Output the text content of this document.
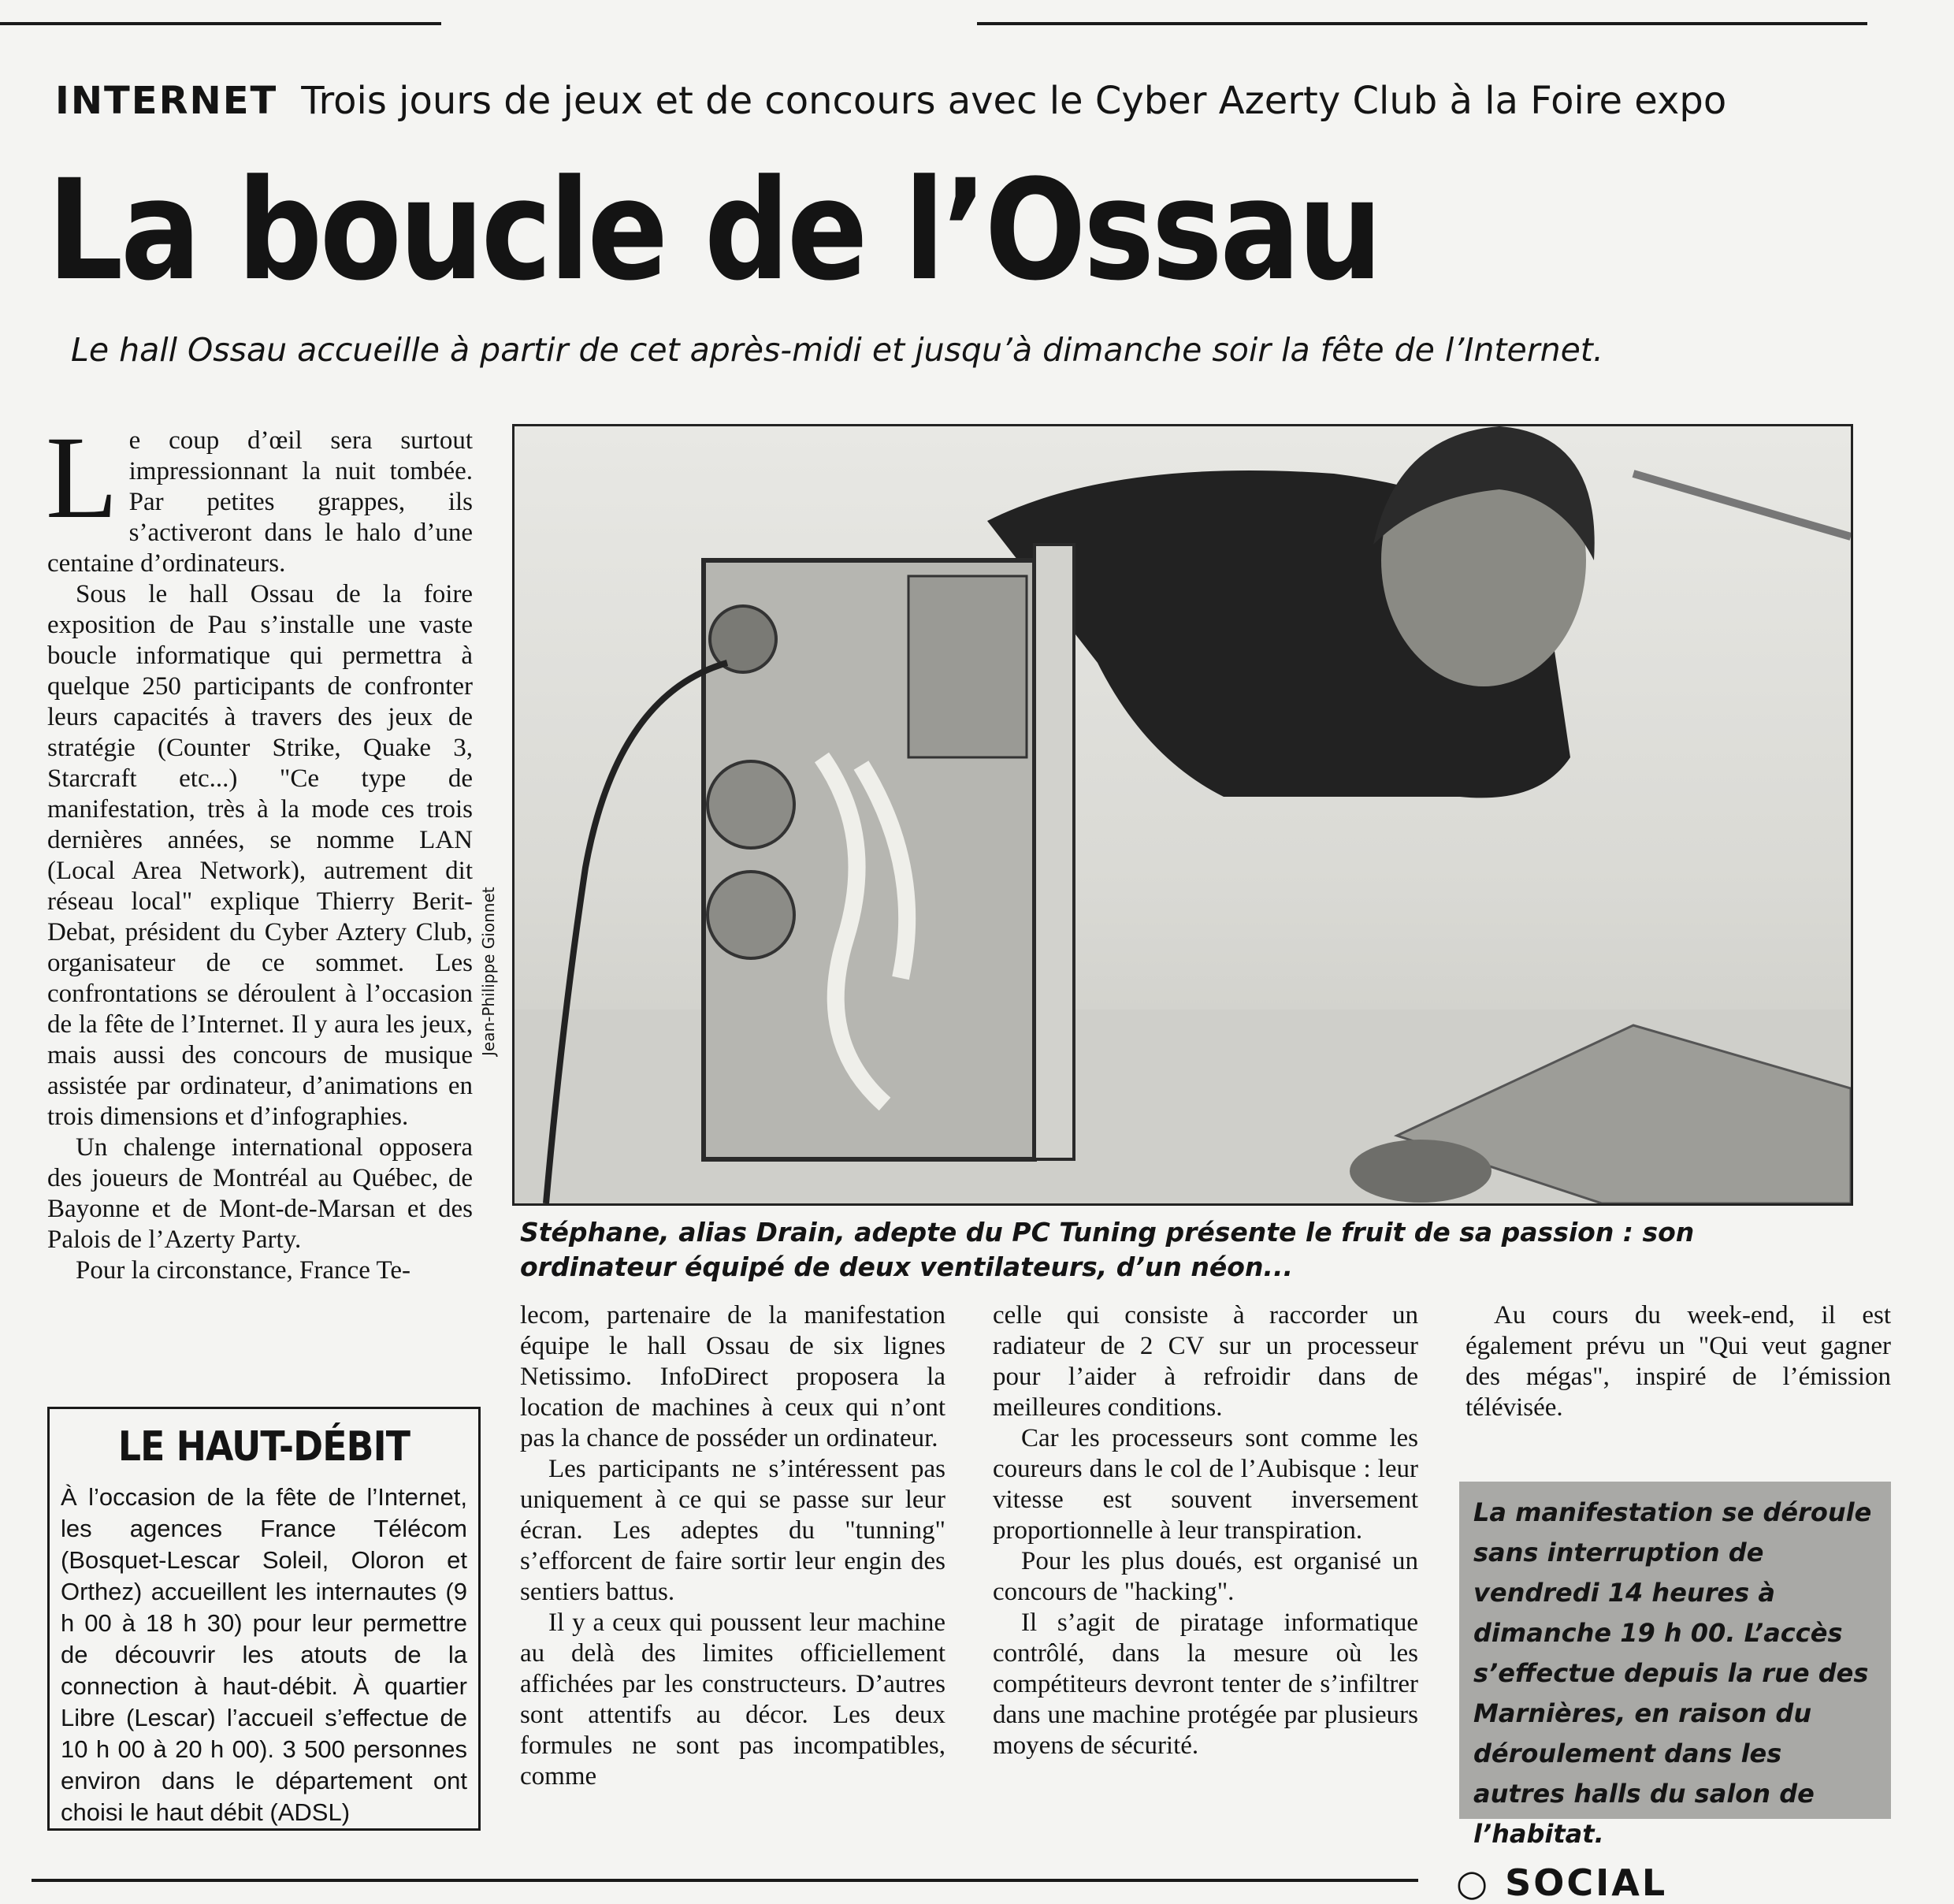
INTERNET Trois jours de jeux et de concours avec le Cyber Azerty Club à la Foire expo
La boucle de l’Ossau
Le hall Ossau accueille à partir de cet après-midi et jusqu’à dimanche soir la fête de l’Internet.

Le coup d’œil sera surtout impressionnant la nuit tombée. Par petites grappes, ils s’activeront dans le halo d’une centaine d’ordinateurs.

Sous le hall Ossau de la foire exposition de Pau s’installe une vaste boucle informatique qui permettra à quelque 250 participants de confronter leurs capacités à travers des jeux de stratégie (Counter Strike, Quake 3, Starcraft etc...) "Ce type de manifestation, très à la mode ces trois dernières années, se nomme LAN (Local Area Network), autrement dit réseau local" explique Thierry Berit-Debat, président du Cyber Aztery Club, organisateur de ce sommet. Les confrontations se déroulent à l’occasion de la fête de l’Internet. Il y aura les jeux, mais aussi des concours de musique assistée par ordinateur, d’animations en trois dimensions et d’infographies.

Un chalenge international opposera des joueurs de Montréal au Québec, de Bayonne et de Mont-de-Marsan et des Palois de l’Azerty Party.

Pour la circonstance, France Te-

Jean-Philippe Gionnet
Stéphane, alias Drain, adepte du PC Tuning présente le fruit de sa passion : son ordinateur équipé de deux ventilateurs, d’un néon...

lecom, partenaire de la manifestation équipe le hall Ossau de six lignes Netissimo. InfoDirect proposera la location de machines à ceux qui n’ont pas la chance de posséder un ordinateur.

Les participants ne s’intéressent pas uniquement à ce qui se passe sur leur écran. Les adeptes du "tunning" s’efforcent de faire sortir leur engin des sentiers battus.

Il y a ceux qui poussent leur machine au delà des limites officiellement affichées par les constructeurs. D’autres sont attentifs au décor. Les deux formules ne sont pas incompatibles, comme

celle qui consiste à raccorder un radiateur de 2 CV sur un processeur pour l’aider à refroidir dans de meilleures conditions.

Car les processeurs sont comme les coureurs dans le col de l’Aubisque : leur vitesse est souvent inversement proportionnelle à leur transpiration.

Pour les plus doués, est organisé un concours de "hacking".

Il s’agit de piratage informatique contrôlé, dans la mesure où les compétiteurs devront tenter de s’infiltrer dans une machine protégée par plusieurs moyens de sécurité.

Au cours du week-end, il est également prévu un "Qui veut gagner des mégas", inspiré de l’émission télévisée.

LE HAUT-DÉBIT
À l’occasion de la fête de l’Internet, les agences France Télécom (Bosquet-Lescar Soleil, Oloron et Orthez) accueillent les internautes (9 h 00 à 18 h 30) pour leur permettre de découvrir les atouts de la connection à haut-débit. À quartier Libre (Lescar) l’accueil s’effectue de 10 h 00 à 20 h 00). 3 500 personnes environ dans le département ont choisi le haut débit (ADSL)
La manifestation se déroule sans interruption de vendredi 14 heures à dimanche 19 h 00. L’accès s’effectue depuis la rue des Marnières, en raison du déroulement dans les autres halls du salon de l’habitat.
○ SOCIAL
